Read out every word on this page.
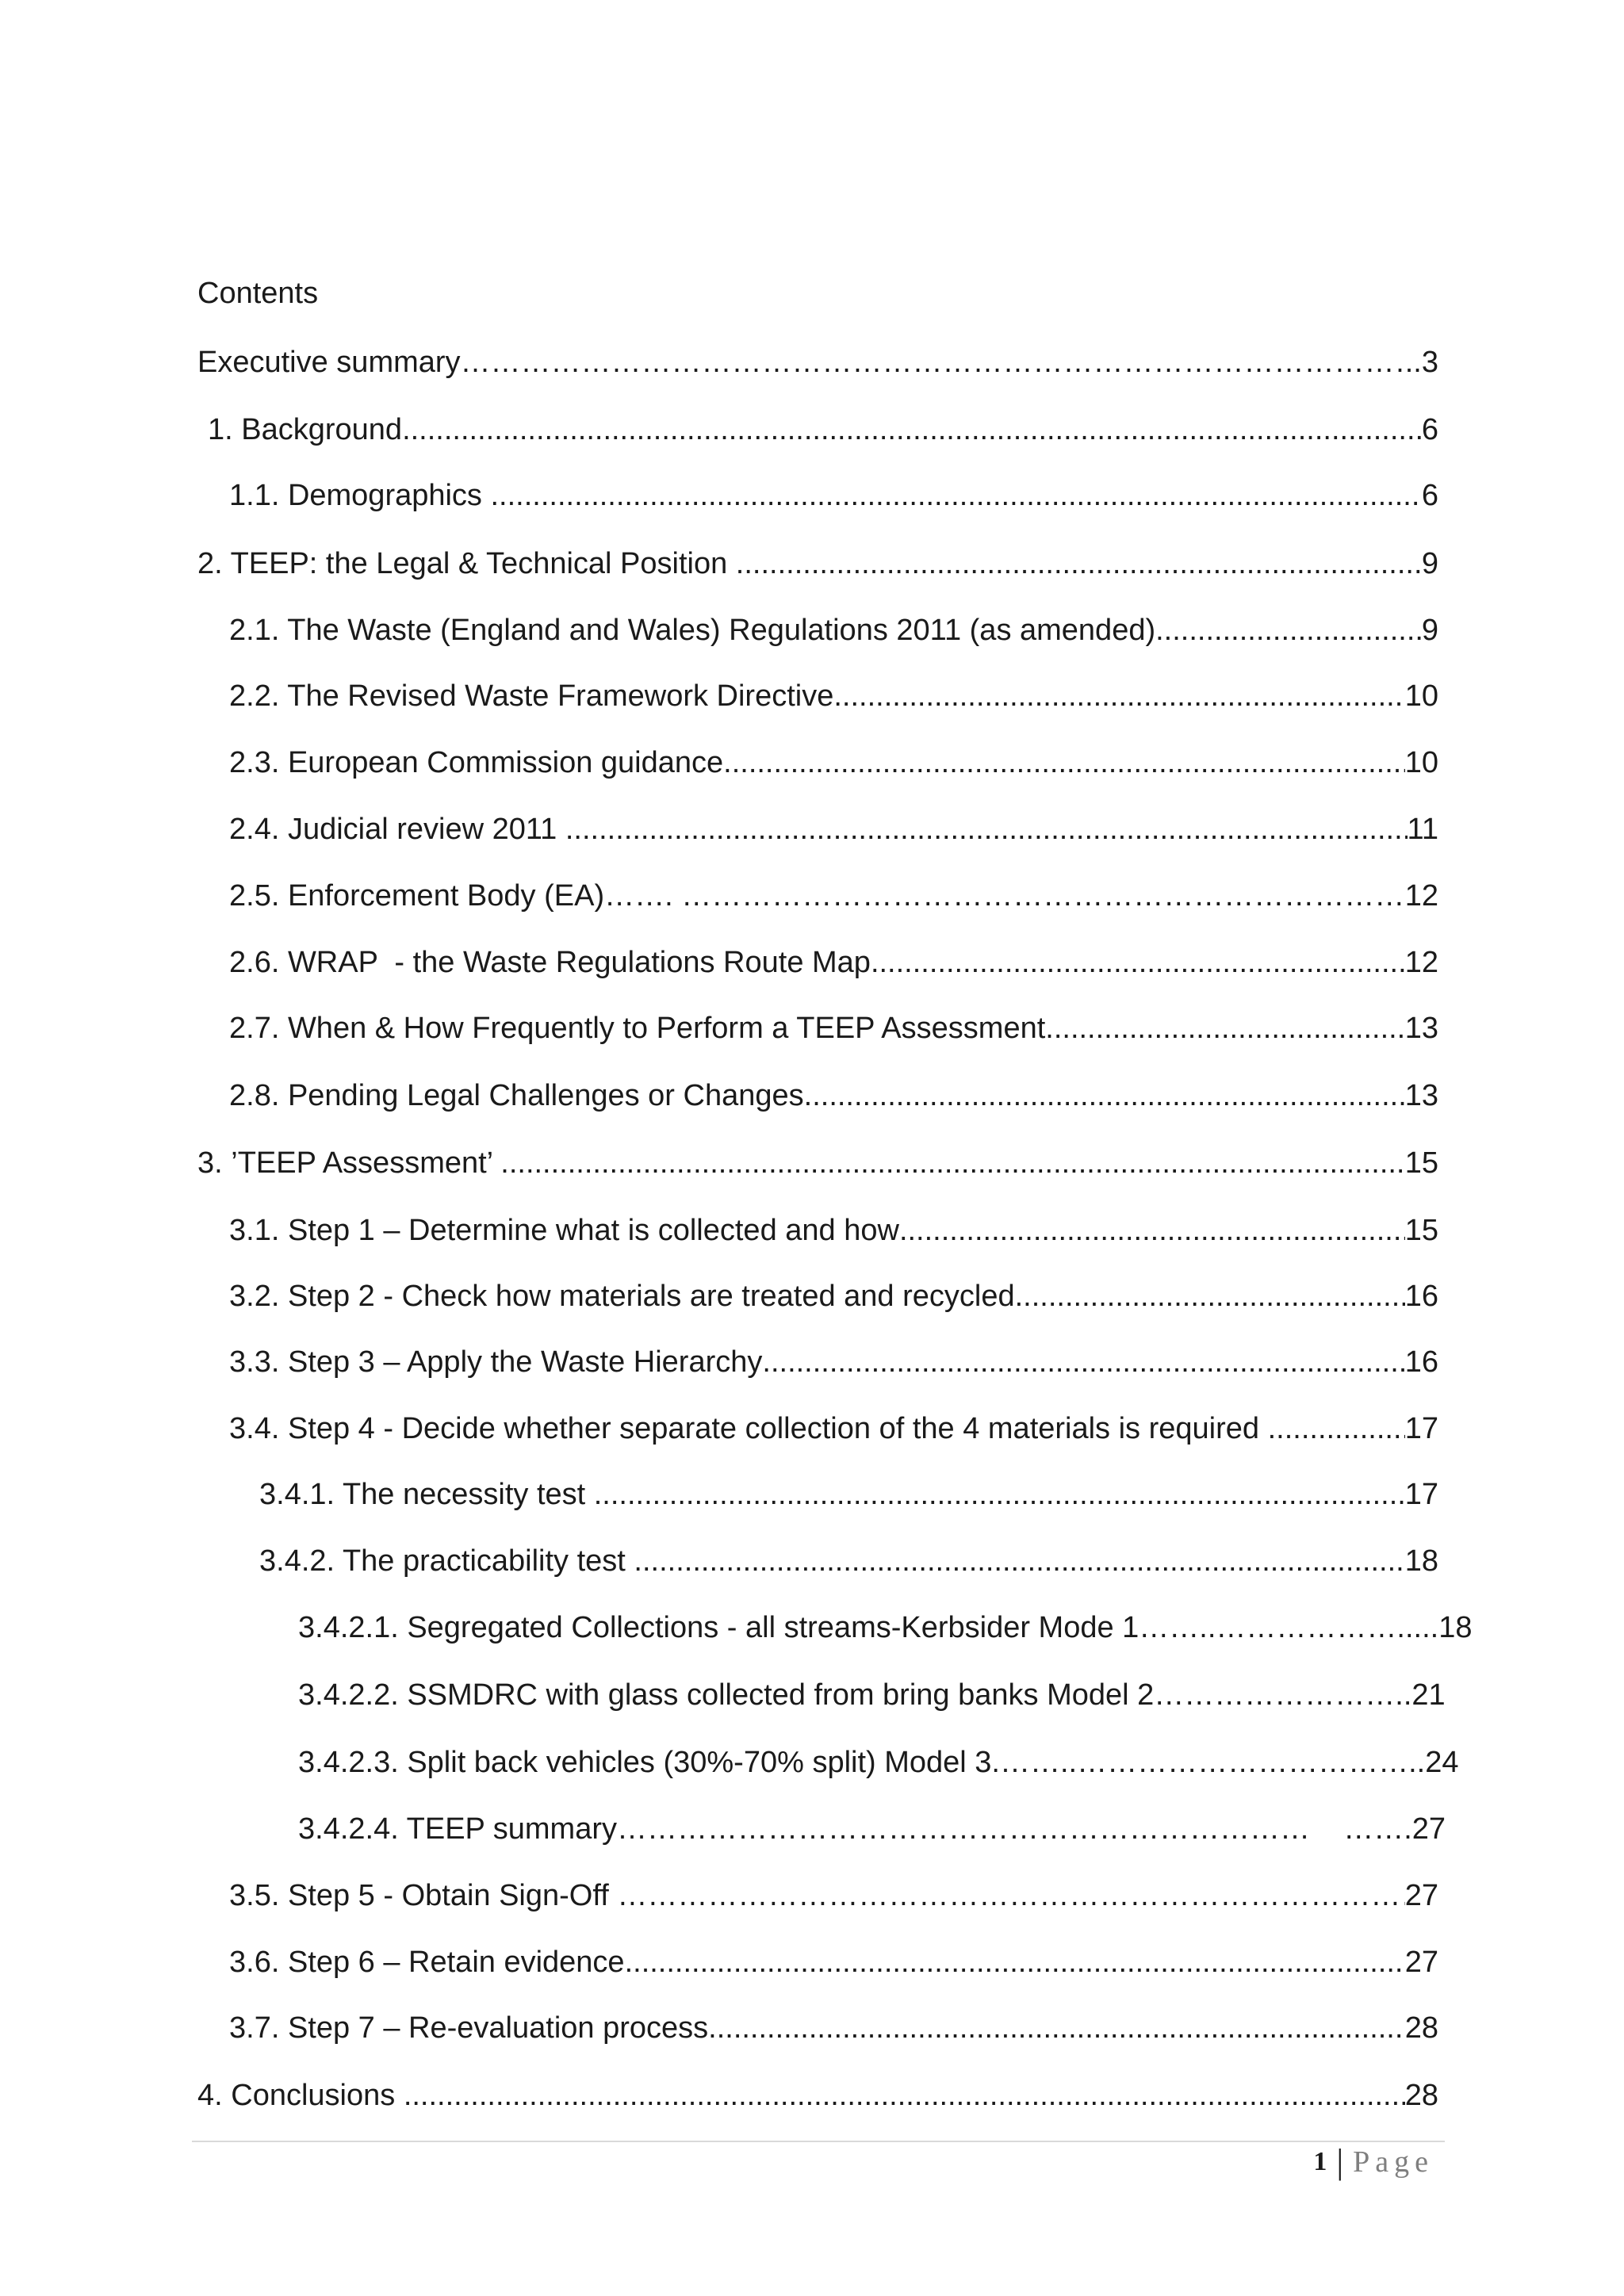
Contents
Executive summary ……………………………………………………………………………………………………………………………………………………………………………………………………………………………	..3
1. Background .....	6
1.1. Demographics .....	6
2. TEEP: the Legal & Technical Position .....	9
2.1. The Waste (England and Wales) Regulations 2011 (as amended) .....	9
2.2. The Revised Waste Framework Directive .....	10
2.3. European Commission guidance .....	10
2.4. Judicial review 2011 .....	11
2.5. Enforcement Body (EA)……. ……………………………………………………………………………………………………………………………………………………………………………………………………………………………	12
2.6. WRAP  - the Waste Regulations Route Map .....	12
2.7. When & How Frequently to Perform a TEEP Assessment .....	13
2.8. Pending Legal Challenges or Changes .....	13
3. ’TEEP Assessment’ .....	15
3.1. Step 1 – Determine what is collected and how .....	15
3.2. Step 2 - Check how materials are treated and recycled .....	16
3.3. Step 3 – Apply the Waste Hierarchy .....	16
3.4. Step 4 - Decide whether separate collection of the 4 materials is required .....	17
3.4.1. The necessity test .....	17
3.4.2. The practicability test .....	18
3.4.2.1. Segregated Collections - all streams-Kerbsider Mode 1……..………………. ....18
3.4.2.2. SSMDRC with glass collected from bring banks Model 2…………………… ..21
3.4.2.3. Split back vehicles (30%-70% split) Model 3.……..…………………………… ..24
3.4.2.4. TEEP summary……………………………………………………………    ……. 27
3.5. Step 5 - Obtain Sign-Off ……………………………………………………………………………………………………………………………………………………………………………………………………………………………	27
3.6. Step 6 – Retain evidence .....	27
3.7. Step 7 – Re-evaluation process .....	28
4. Conclusions .....	28
1 | Page
